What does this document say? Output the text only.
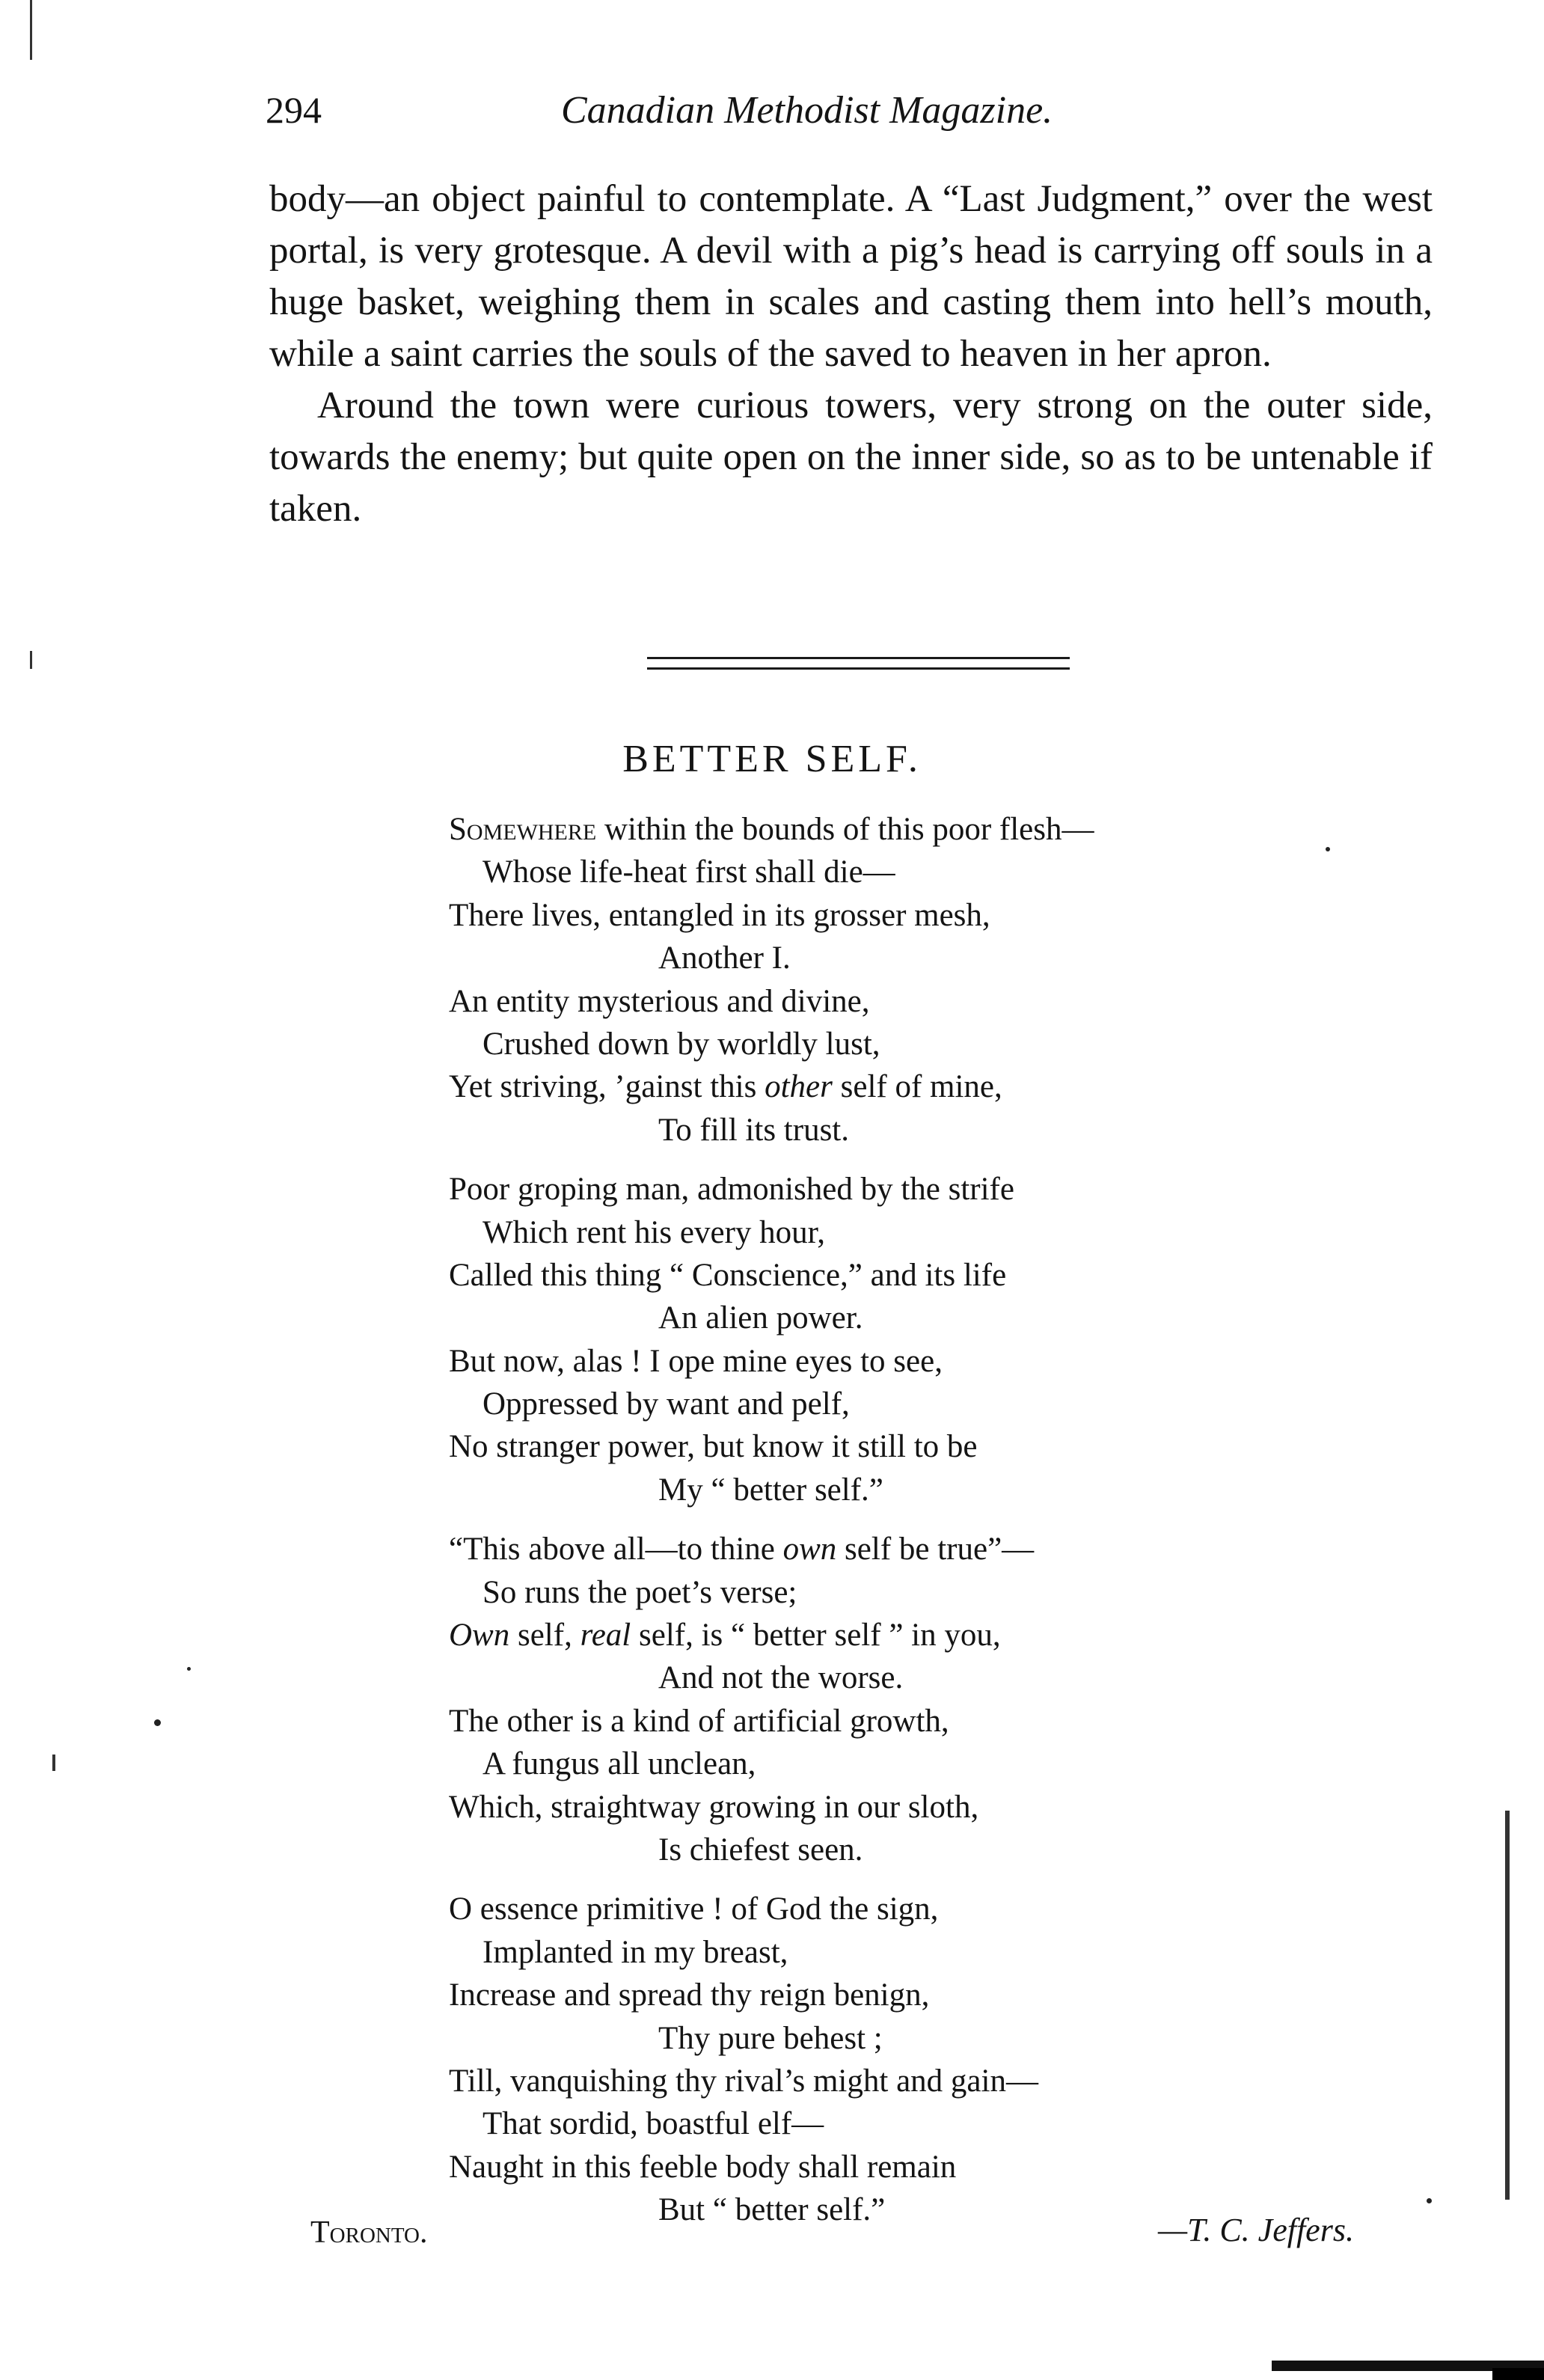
294	Canadian Methodist Magazine.

body—an object painful to contemplate. A “Last Judgment,” over the west portal, is very grotesque. A devil with a pig’s head is carrying off souls in a huge basket, weighing them in scales and casting them into hell’s mouth, while a saint carries the souls of the saved to heaven in her apron.

Around the town were curious towers, very strong on the outer side, towards the enemy; but quite open on the inner side, so as to be untenable if taken.

BETTER SELF.
Somewhere within the bounds of this poor flesh—
Whose life-heat first shall die—
There lives, entangled in its grosser mesh,
Another I.
An entity mysterious and divine,
Crushed down by worldly lust,
Yet striving, ’gainst this other self of mine,
To fill its trust.
Poor groping man, admonished by the strife
Which rent his every hour,
Called this thing “ Conscience,” and its life
An alien power.
But now, alas ! I ope mine eyes to see,
Oppressed by want and pelf,
No stranger power, but know it still to be
My “ better self.”
“This above all—to thine own self be true”—
So runs the poet’s verse;
Own self, real self, is “ better self ” in you,
And not the worse.
The other is a kind of artificial growth,
A fungus all unclean,
Which, straightway growing in our sloth,
Is chiefest seen.
O essence primitive ! of God the sign,
Implanted in my breast,
Increase and spread thy reign benign,
Thy pure behest ;
Till, vanquishing thy rival’s might and gain—
That sordid, boastful elf—
Naught in this feeble body shall remain
But “ better self.”
Toronto.	—T. C. Jeffers.
